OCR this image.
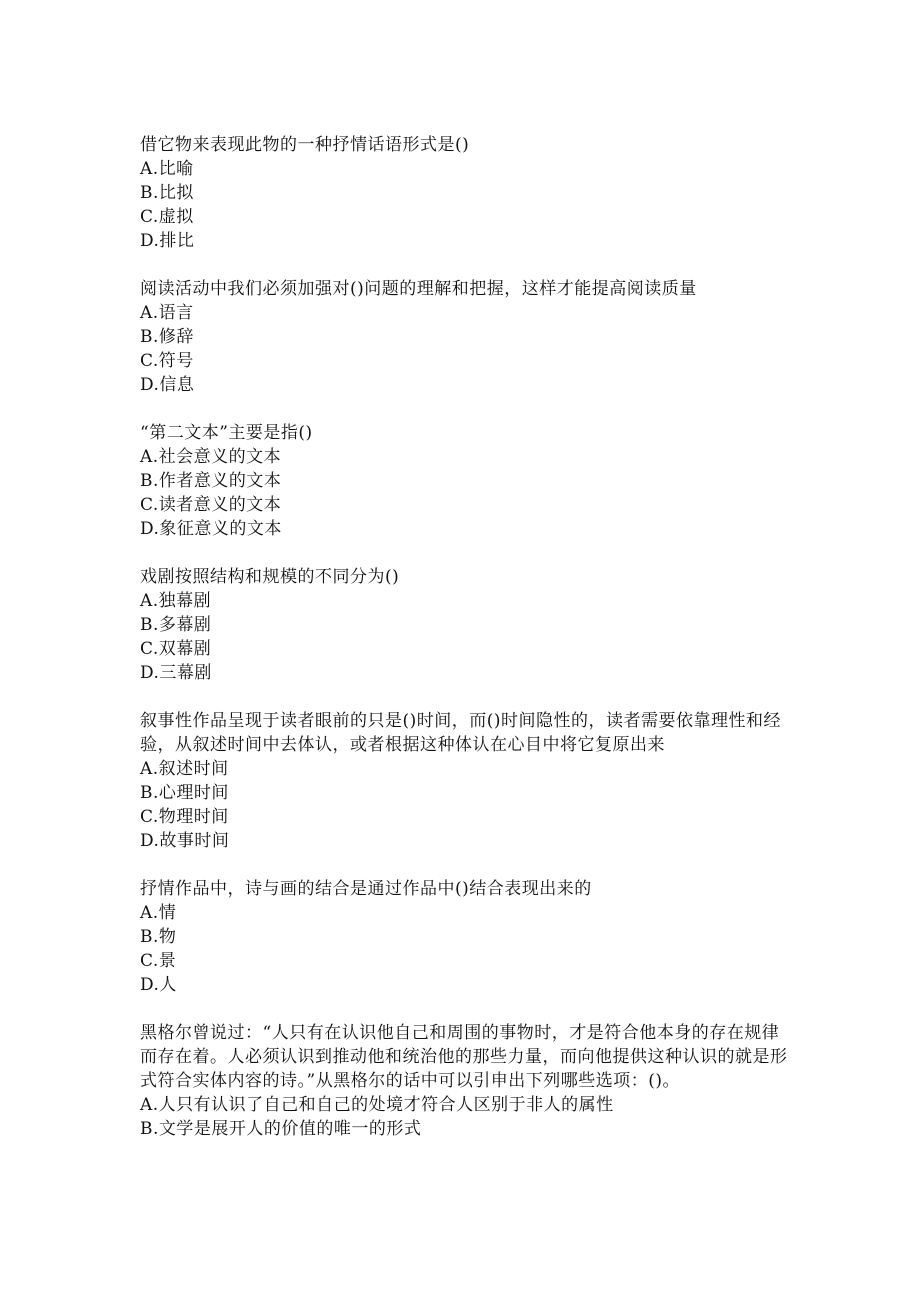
借它物来表现此物的一种抒情话语形式是()

A.比喻

B.比拟

C.虚拟

D.排比

阅读活动中我们必须加强对()问题的理解和把握，这样才能提高阅读质量

A.语言

B.修辞

C.符号

D.信息

“第二文本”主要是指()

A.社会意义的文本

B.作者意义的文本

C.读者意义的文本

D.象征意义的文本

戏剧按照结构和规模的不同分为()

A.独幕剧

B.多幕剧

C.双幕剧

D.三幕剧

叙事性作品呈现于读者眼前的只是()时间，而()时间隐性的，读者需要依靠理性和经验，从叙述时间中去体认，或者根据这种体认在心目中将它复原出来

A.叙述时间

B.心理时间

C.物理时间

D.故事时间

抒情作品中，诗与画的结合是通过作品中()结合表现出来的

A.情

B.物

C.景

D.人

黑格尔曾说过：“人只有在认识他自己和周围的事物时，才是符合他本身的存在规律而存在着。人必须认识到推动他和统治他的那些力量，而向他提供这种认识的就是形式符合实体内容的诗。”从黑格尔的话中可以引申出下列哪些选项：()。

A.人只有认识了自己和自己的处境才符合人区别于非人的属性

B.文学是展开人的价值的唯一的形式
